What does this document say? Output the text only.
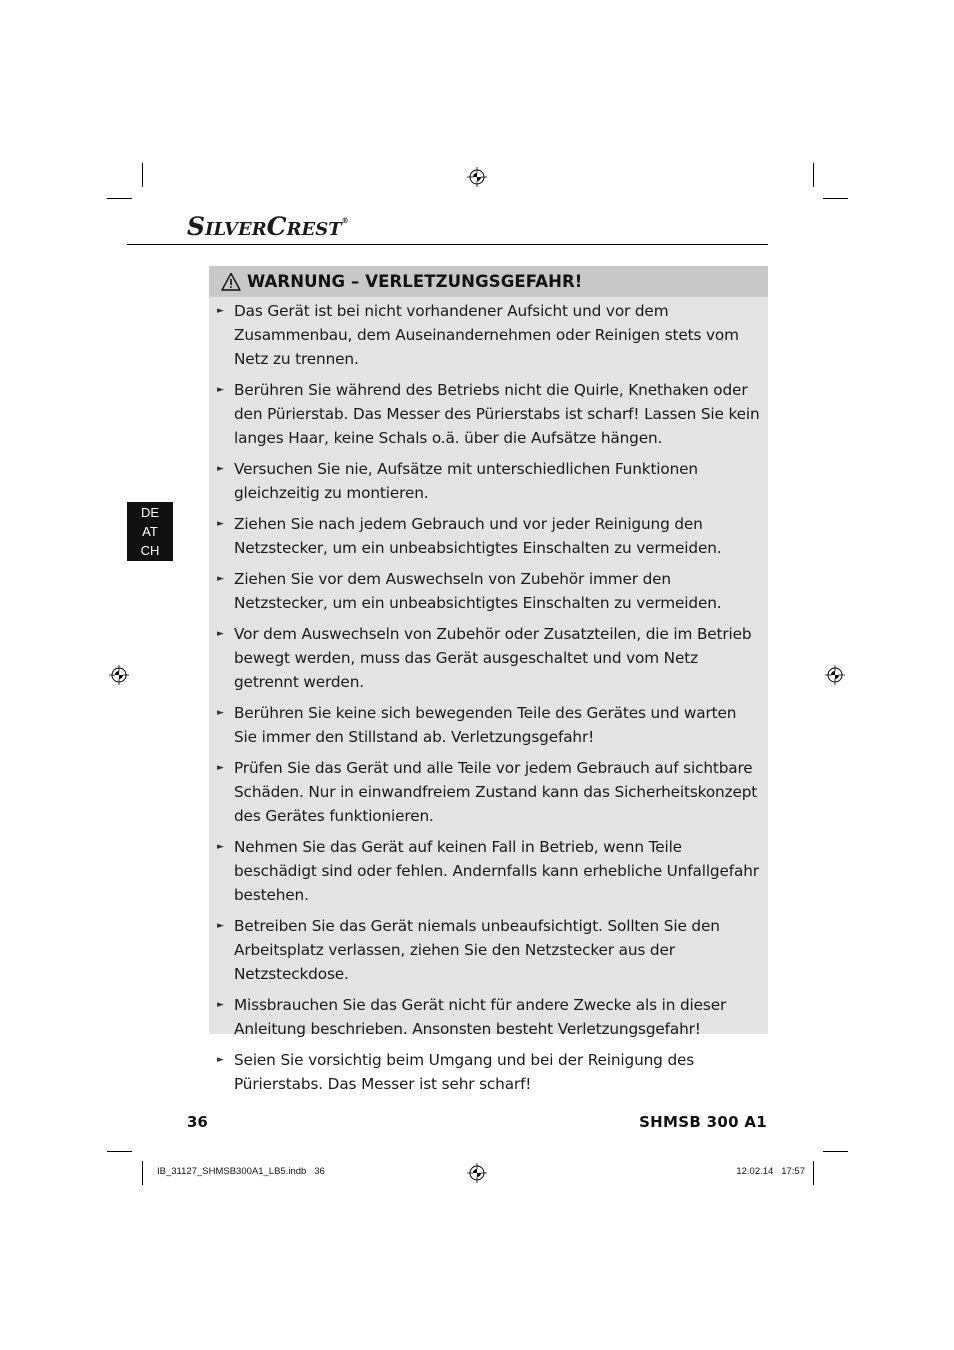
SILVERCREST®
DE
AT
CH
WARNUNG – VERLETZUNGSGEFAHR!
► Das Gerät ist bei nicht vorhandener Aufsicht und vor dem Zusammenbau, dem Auseinandernehmen oder Reinigen stets vom Netz zu trennen.
► Berühren Sie während des Betriebs nicht die Quirle, Knethaken oder den Pürierstab. Das Messer des Pürierstabs ist scharf! Lassen Sie kein langes Haar, keine Schals o.ä. über die Aufsätze hängen.
► Versuchen Sie nie, Aufsätze mit unterschiedlichen Funktionen gleichzeitig zu montieren.
► Ziehen Sie nach jedem Gebrauch und vor jeder Reinigung den Netzstecker, um ein unbeabsichtigtes Einschalten zu vermeiden.
► Ziehen Sie vor dem Auswechseln von Zubehör immer den Netzstecker, um ein unbeabsichtigtes Einschalten zu vermeiden.
► Vor dem Auswechseln von Zubehör oder Zusatzteilen, die im Betrieb bewegt werden, muss das Gerät ausgeschaltet und vom Netz getrennt werden.
► Berühren Sie keine sich bewegenden Teile des Gerätes und warten Sie immer den Stillstand ab. Verletzungsgefahr!
► Prüfen Sie das Gerät und alle Teile vor jedem Gebrauch auf sichtbare Schäden. Nur in einwandfreiem Zustand kann das Sicherheitskonzept des Gerätes funktionieren.
► Nehmen Sie das Gerät auf keinen Fall in Betrieb, wenn Teile beschädigt sind oder fehlen. Andernfalls kann erhebliche Unfallgefahr bestehen.
► Betreiben Sie das Gerät niemals unbeaufsichtigt. Sollten Sie den Arbeitsplatz verlassen, ziehen Sie den Netzstecker aus der Netzsteckdose.
► Missbrauchen Sie das Gerät nicht für andere Zwecke als in dieser Anleitung beschrieben. Ansonsten besteht Verletzungsgefahr!
► Seien Sie vorsichtig beim Umgang und bei der Reinigung des Pürierstabs. Das Messer ist sehr scharf!
36	SHMSB 300 A1
IB_31127_SHMSB300A1_LB5.indb   36	12.02.14   17:57
